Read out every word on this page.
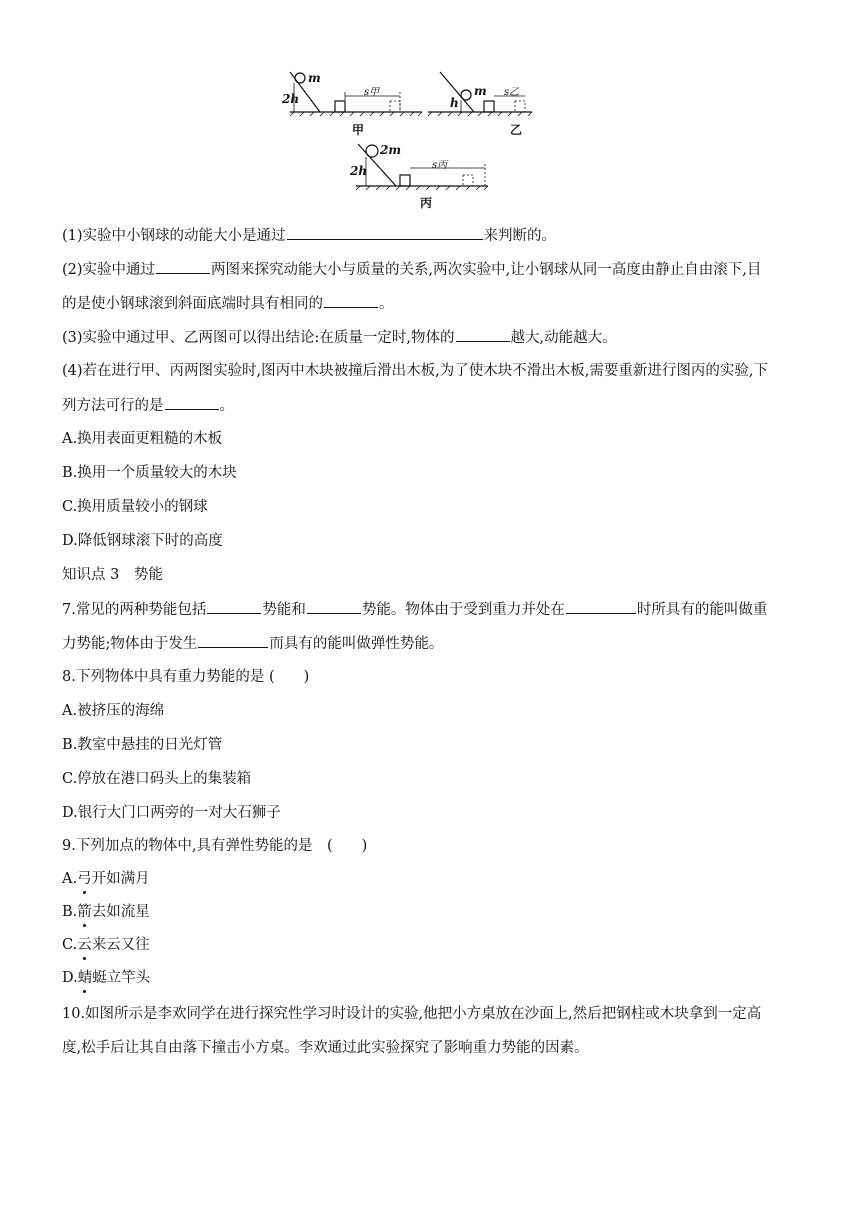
m
2h	s甲
甲
m
h
s乙
乙
2m
2h	s丙
丙
(1)实验中小钢球的动能大小是通过	来判断的。
(2)实验中通过	两图来探究动能大小与质量的关系,两次实验中,让小钢球从同一高度由静止自由滚下,目
的是使小钢球滚到斜面底端时具有相同的	。
(3)实验中通过甲、乙两图可以得出结论:在质量一定时,物体的	越大,动能越大。
(4)若在进行甲、丙两图实验时,图丙中木块被撞后滑出木板,为了使木块不滑出木板,需要重新进行图丙的实验,下
列方法可行的是	。
A.换用表面更粗糙的木板
B.换用一个质量较大的木块
C.换用质量较小的钢球
D.降低钢球滚下时的高度
知识点 3　势能
7.常见的两种势能包括	势能和	势能。物体由于受到重力并处在	时所具有的能叫做重
力势能;物体由于发生	而具有的能叫做弹性势能。
8.下列物体中具有重力势能的是 (　　)
A.被挤压的海绵
B.教室中悬挂的日光灯管
C.停放在港口码头上的集装箱
D.银行大门口两旁的一对大石狮子
9.下列加点的物体中,具有弹性势能的是　(　　)
A.弓开如满月
B.箭去如流星
C.云来云又往
D.蜻蜓立竿头
10.如图所示是李欢同学在进行探究性学习时设计的实验,他把小方桌放在沙面上,然后把钢柱或木块拿到一定高
度,松手后让其自由落下撞击小方桌。李欢通过此实验探究了影响重力势能的因素。
